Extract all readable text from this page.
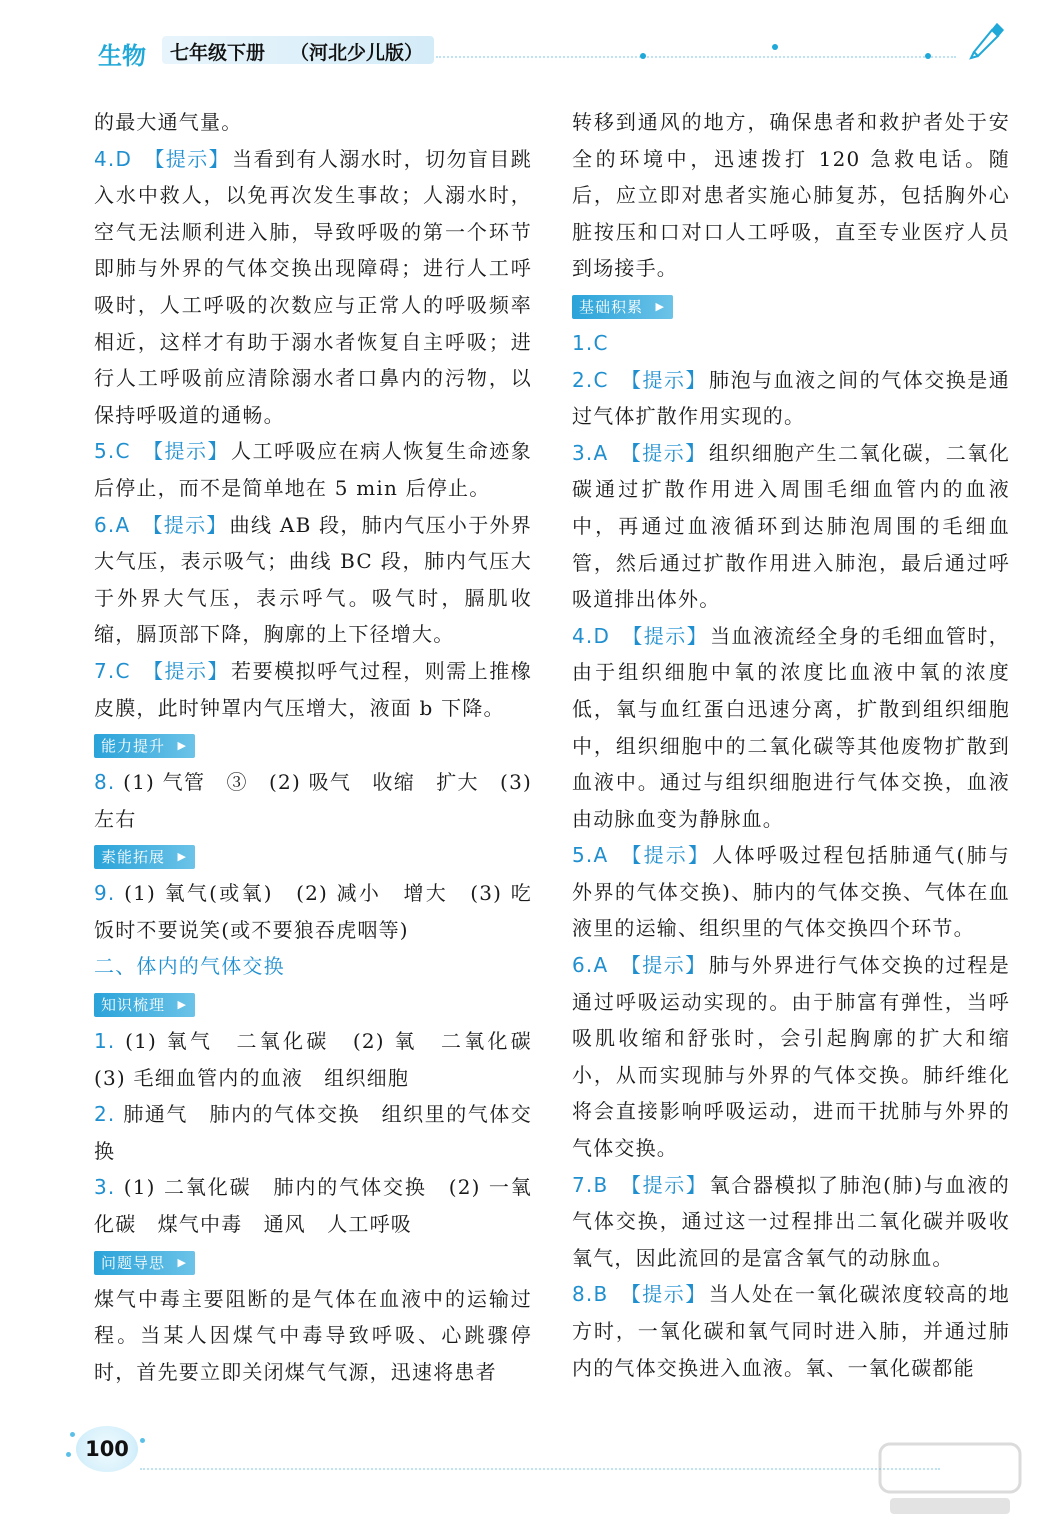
生物 七年级下册 （河北少儿版）

的最大通气量。

4.D 【提示】 当看到有人溺水时，切勿盲目跳入水中救人，以免再次发生事故；人溺水时，空气无法顺利进入肺，导致呼吸的第一个环节即肺与外界的气体交换出现障碍；进行人工呼吸时，人工呼吸的次数应与正常人的呼吸频率相近，这样才有助于溺水者恢复自主呼吸；进行人工呼吸前应清除溺水者口鼻内的污物，以保持呼吸道的通畅。

5.C 【提示】 人工呼吸应在病人恢复生命迹象后停止，而不是简单地在 5 min 后停止。

6.A 【提示】 曲线 AB 段，肺内气压小于外界大气压，表示吸气；曲线 BC 段，肺内气压大于外界大气压，表示呼气。吸气时，膈肌收缩，膈顶部下降，胸廓的上下径增大。

7.C 【提示】 若要模拟呼气过程，则需上推橡皮膜，此时钟罩内气压增大，液面 b 下降。

能力提升 ▶

8. (1) 气管　③　(2) 吸气　收缩　扩大　(3) 左右

素能拓展 ▶

9. (1) 氧气(或氧)　(2) 减小　增大　(3) 吃饭时不要说笑(或不要狼吞虎咽等)

二、体内的气体交换

知识梳理 ▶

1. (1) 氧气　二氧化碳　(2) 氧　二氧化碳　(3) 毛细血管内的血液　组织细胞

2. 肺通气　肺内的气体交换　组织里的气体交换

3. (1) 二氧化碳　肺内的气体交换　(2) 一氧化碳　煤气中毒　通风　人工呼吸

问题导思 ▶

煤气中毒主要阻断的是气体在血液中的运输过程。当某人因煤气中毒导致呼吸、心跳骤停时，首先要立即关闭煤气气源，迅速将患者

转移到通风的地方，确保患者和救护者处于安全的环境中，迅速拨打 120 急救电话。随后，应立即对患者实施心肺复苏，包括胸外心脏按压和口对口人工呼吸，直至专业医疗人员到场接手。

基础积累 ▶

1.C

2.C 【提示】 肺泡与血液之间的气体交换是通过气体扩散作用实现的。

3.A 【提示】 组织细胞产生二氧化碳，二氧化碳通过扩散作用进入周围毛细血管内的血液中，再通过血液循环到达肺泡周围的毛细血管，然后通过扩散作用进入肺泡，最后通过呼吸道排出体外。

4.D 【提示】 当血液流经全身的毛细血管时，由于组织细胞中氧的浓度比血液中氧的浓度低，氧与血红蛋白迅速分离，扩散到组织细胞中，组织细胞中的二氧化碳等其他废物扩散到血液中。通过与组织细胞进行气体交换，血液由动脉血变为静脉血。

5.A 【提示】 人体呼吸过程包括肺通气(肺与外界的气体交换)、肺内的气体交换、气体在血液里的运输、组织里的气体交换四个环节。

6.A 【提示】 肺与外界进行气体交换的过程是通过呼吸运动实现的。由于肺富有弹性，当呼吸肌收缩和舒张时，会引起胸廓的扩大和缩小，从而实现肺与外界的气体交换。肺纤维化将会直接影响呼吸运动，进而干扰肺与外界的气体交换。

7.B 【提示】 氧合器模拟了肺泡(肺)与血液的气体交换，通过这一过程排出二氧化碳并吸收氧气，因此流回的是富含氧气的动脉血。

8.B 【提示】 当人处在一氧化碳浓度较高的地方时，一氧化碳和氧气同时进入肺，并通过肺内的气体交换进入血液。氧、一氧化碳都能

100
